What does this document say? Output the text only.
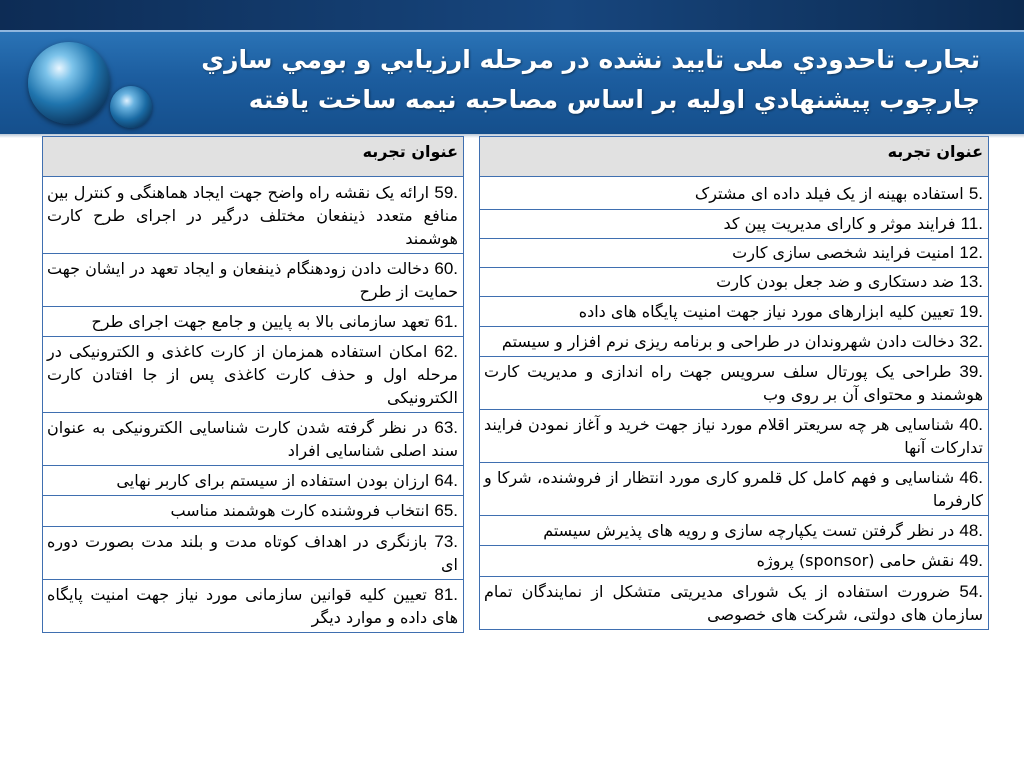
تجارب تاحدودي ملی تاييد نشده در مرحله ارزيابي و بومي سازي
چارچوب پيشنهادي اوليه بر اساس مصاحبه نيمه ساخت يافته
عنوان تجربه
5. استفاده بهینه از یک فیلد داده ای مشترک
11. فرایند موثر و کارای مدیریت پین کد
12. امنیت فرایند شخصی سازی کارت
13. ضد دستکاری و ضد جعل بودن کارت
19. تعیین کلیه ابزارهای مورد نیاز جهت امنیت پایگاه های داده
32. دخالت دادن شهروندان در طراحی و برنامه ریزی نرم افزار و سیستم
39. طراحی یک پورتال سلف سرویس جهت راه اندازی و مدیریت کارت هوشمند و محتوای آن بر روی وب
40. شناسایی هر چه سریعتر اقلام مورد نیاز جهت خرید و آغاز نمودن فرایند تدارکات آنها
46. شناسایی و فهم کامل کل قلمرو کاری مورد انتظار از فروشنده، شرکا و کارفرما
48. در نظر گرفتن تست یکپارچه سازی و رویه های پذیرش سیستم
49. نقش حامی (sponsor) پروژه
54. ضرورت استفاده از یک شورای مدیریتی متشکل از نمایندگان تمام سازمان های دولتی، شرکت های خصوصی
عنوان تجربه
59. ارائه یک نقشه راه واضح جهت ایجاد هماهنگی و کنترل بین منافع متعدد ذینفعان مختلف درگیر در اجرای طرح کارت هوشمند
60. دخالت دادن زودهنگام ذینفعان و ایجاد تعهد در ایشان جهت حمایت از طرح
61. تعهد سازمانی بالا به پایین و جامع جهت اجرای طرح
62. امکان استفاده همزمان از کارت کاغذی و الکترونیکی در مرحله اول و حذف کارت کاغذی پس از جا افتادن کارت الکترونیکی
63. در نظر گرفته شدن کارت شناسایی الکترونیکی به عنوان سند اصلی شناسایی افراد
64. ارزان بودن استفاده از سیستم برای کاربر نهایی
65. انتخاب فروشنده کارت هوشمند مناسب
73. بازنگری در اهداف کوتاه مدت و بلند مدت بصورت دوره ای
81. تعیین کلیه قوانین سازمانی مورد نیاز جهت امنیت پایگاه های داده و موارد دیگر
